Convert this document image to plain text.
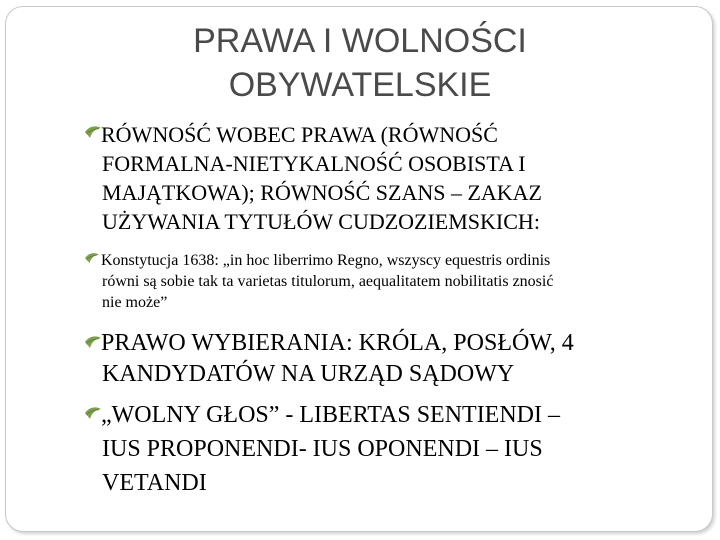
PRAWA I WOLNOŚCI
OBYWATELSKIE
RÓWNOŚĆ WOBEC PRAWA (RÓWNOŚĆ
FORMALNA-NIETYKALNOŚĆ OSOBISTA I
MAJĄTKOWA); RÓWNOŚĆ SZANS – ZAKAZ
UŻYWANIA TYTUŁÓW CUDZOZIEMSKICH:
Konstytucja 1638: „in hoc liberrimo Regno, wszyscy equestris ordinis
równi są sobie tak ta varietas titulorum, aequalitatem nobilitatis znosić
nie może”
PRAWO WYBIERANIA: KRÓLA, POSŁÓW, 4
KANDYDATÓW NA URZĄD SĄDOWY
„WOLNY GŁOS” - LIBERTAS SENTIENDI –
IUS PROPONENDI- IUS OPONENDI – IUS
VETANDI
